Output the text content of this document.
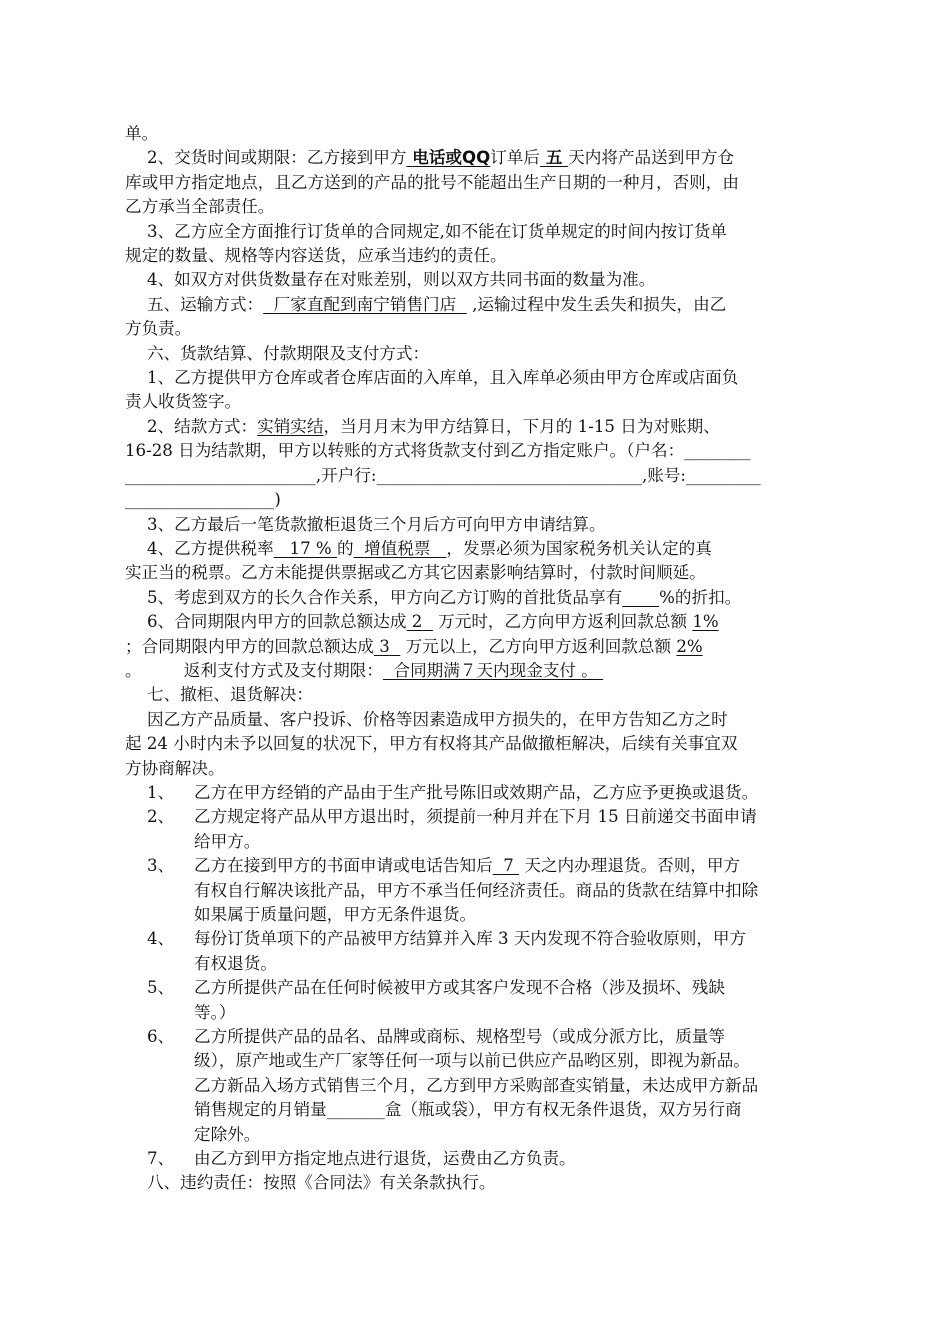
单。

2、交货时间或期限：乙方接到甲方 电话或QQ订单后 五 天内将产品送到甲方仓

库或甲方指定地点，且乙方送到的产品的批号不能超出生产日期的一种月，否则，由

乙方承当全部责任。

3、乙方应全方面推行订货单的合同规定,如不能在订货单规定的时间内按订货单

规定的数量、规格等内容送货，应承当违约的责任。

4、如双方对供货数量存在对账差别，则以双方共同书面的数量为准。

五、运输方式： 厂家直配到南宁销售门店 ,运输过程中发生丢失和损失，由乙

方负责。

六、货款结算、付款期限及支付方式：

1、乙方提供甲方仓库或者仓库店面的入库单，且入库单必须由甲方仓库或店面负

责人收货签字。

2、结款方式：实销实结，当月月末为甲方结算日，下月的 1-15 日为对账期、

16-28 日为结款期，甲方以转账的方式将货款支付到乙方指定账户。（户名：________

_______________________,开户行:________________________________,账号:_________

__________________)

3、乙方最后一笔货款撤柜退货三个月后方可向甲方申请结算。

4、乙方提供税率 17 % 的 增值税票 ，发票必须为国家税务机关认定的真

实正当的税票。乙方未能提供票据或乙方其它因素影响结算时，付款时间顺延。

5、考虑到双方的长久合作关系，甲方向乙方订购的首批货品享有 %的折扣。

6、合同期限内甲方的回款总额达成 2 万元时，乙方向甲方返利回款总额 1%

；合同期限内甲方的回款总额达成 3 万元以上，乙方向甲方返利回款总额 2%

。	返利支付方式及支付期限： 合同期满７天内现金支付 。

七、撤柜、退货解决：

因乙方产品质量、客户投诉、价格等因素造成甲方损失的，在甲方告知乙方之时

起 24 小时内未予以回复的状况下，甲方有权将其产品做撤柜解决，后续有关事宜双

方协商解决。

1、	乙方在甲方经销的产品由于生产批号陈旧或效期产品，乙方应予更换或退货。
2、	乙方规定将产品从甲方退出时，须提前一种月并在下月 15 日前递交书面申请
给甲方。
3、	乙方在接到甲方的书面申请或电话告知后 7 天之内办理退货。否则，甲方
有权自行解决该批产品，甲方不承当任何经济责任。商品的货款在结算中扣除
如果属于质量问题，甲方无条件退货。
4、	每份订货单项下的产品被甲方结算并入库 3 天内发现不符合验收原则，甲方
有权退货。
5、	乙方所提供产品在任何时候被甲方或其客户发现不合格（涉及损坏、残缺
等。）
6、	乙方所提供产品的品名、品牌或商标、规格型号（或成分派方比，质量等
级），原产地或生产厂家等任何一项与以前已供应产品哟区别，即视为新品。
乙方新品入场方式销售三个月，乙方到甲方采购部查实销量，未达成甲方新品
销售规定的月销量_______盒（瓶或袋），甲方有权无条件退货，双方另行商
定除外。
7、	由乙方到甲方指定地点进行退货，运费由乙方负责。

八、违约责任：按照《合同法》有关条款执行。
